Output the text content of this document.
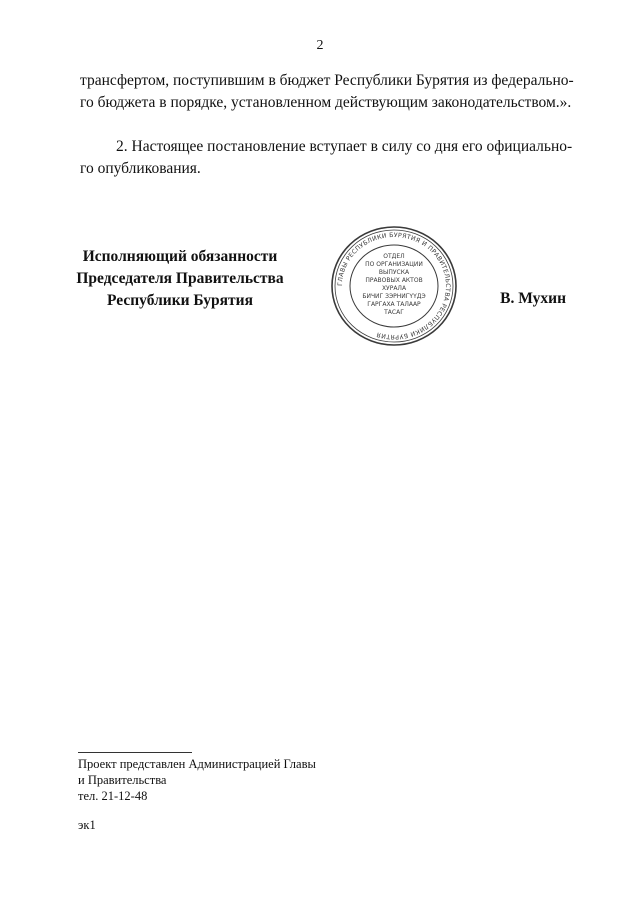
2

трансфертом, поступившим в бюджет Республики Бурятия из федерально-
го бюджета в порядке, установленном действующим законодательством.».

2. Настоящее постановление вступает в силу со дня его официально-
го опубликования.

Исполняющий обязанности
Председателя Правительства
Республики Бурятия
ГЛАВЫ РЕСПУБЛИКИ БУРЯТИЯ И ПРАВИТЕЛЬСТВА РЕСПУБЛИКИ БУРЯТИЯ
ОТДЕЛ
ПО ОРГАНИЗАЦИИ
ВЫПУСКА
ПРАВОВЫХ АКТОВ
ХУРАЛА
БИЧИГ ЗЭРНИГҮҮДЭ
ГАРГАХА ТАЛААР
ТАСАГ
В. Мухин
Проект представлен Администрацией Главы
и Правительства
тел. 21-12-48
эк1
